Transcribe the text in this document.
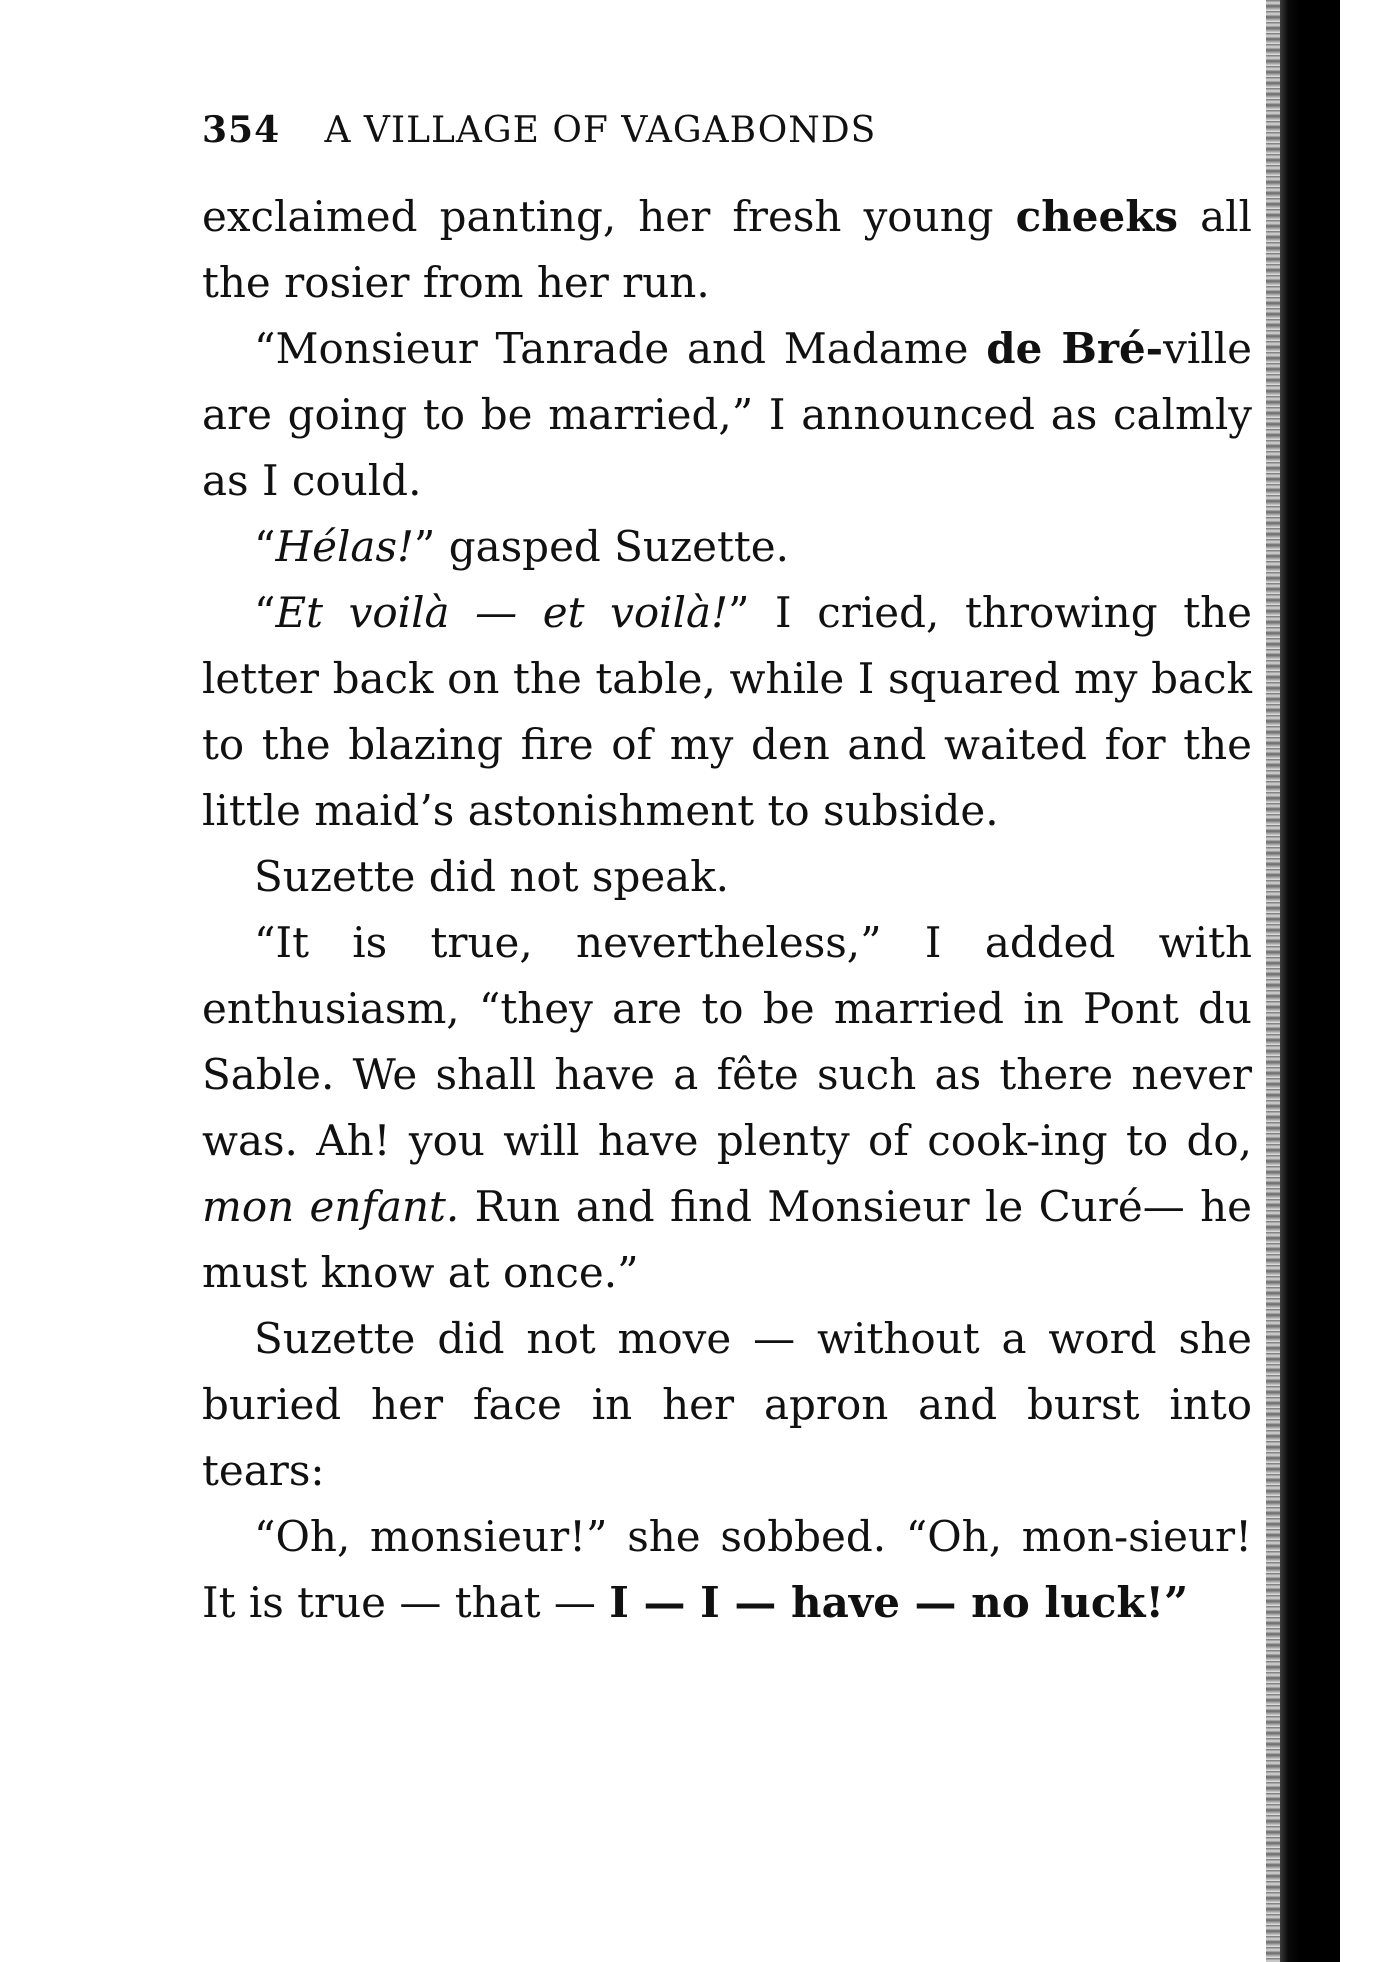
354 A VILLAGE OF VAGABONDS

exclaimed panting, her fresh young cheeks all the rosier from her run.

“Monsieur Tanrade and Madame de Bré-ville are going to be married,” I announced as calmly as I could.

“Hélas!” gasped Suzette.

“Et voilà — et voilà!” I cried, throwing the letter back on the table, while I squared my back to the blazing fire of my den and waited for the little maid’s astonishment to subside.

Suzette did not speak.

“It is true, nevertheless,” I added with enthusiasm, “they are to be married in Pont du Sable. We shall have a fête such as there never was. Ah! you will have plenty of cook-ing to do, mon enfant. Run and find Monsieur le Curé— he must know at once.”

Suzette did not move — without a word she buried her face in her apron and burst into tears:

“Oh, monsieur!” she sobbed. “Oh, mon-sieur! It is true — that — I — I — have — no luck!”
